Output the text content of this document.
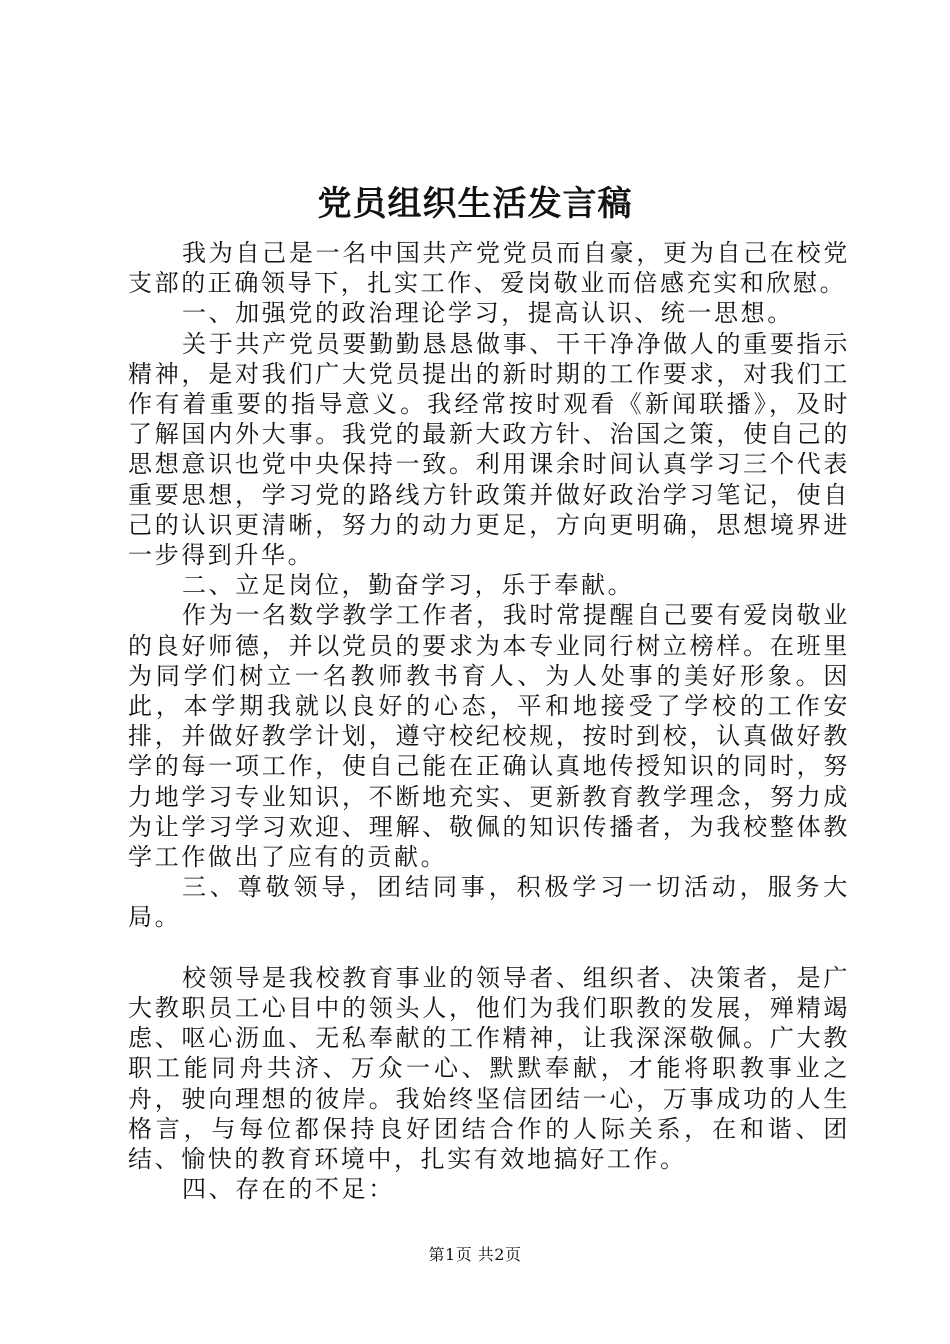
党员组织生活发言稿

我为自己是一名中国共产党党员而自豪，更为自己在校党支部的正确领导下，扎实工作、爱岗敬业而倍感充实和欣慰。

一、加强党的政治理论学习，提高认识、统一思想。

关于共产党员要勤勤恳恳做事、干干净净做人的重要指示精神，是对我们广大党员提出的新时期的工作要求，对我们工作有着重要的指导意义。我经常按时观看《新闻联播》，及时了解国内外大事。我党的最新大政方针、治国之策，使自己的思想意识也党中央保持一致。利用课余时间认真学习三个代表重要思想，学习党的路线方针政策并做好政治学习笔记，使自己的认识更清晰，努力的动力更足，方向更明确，思想境界进一步得到升华。

二、立足岗位，勤奋学习，乐于奉献。

作为一名数学教学工作者，我时常提醒自己要有爱岗敬业的良好师德，并以党员的要求为本专业同行树立榜样。在班里为同学们树立一名教师教书育人、为人处事的美好形象。因此，本学期我就以良好的心态，平和地接受了学校的工作安排，并做好教学计划，遵守校纪校规，按时到校，认真做好教学的每一项工作，使自己能在正确认真地传授知识的同时，努力地学习专业知识，不断地充实、更新教育教学理念，努力成为让学习学习欢迎、理解、敬佩的知识传播者，为我校整体教学工作做出了应有的贡献。

三、尊敬领导，团结同事，积极学习一切活动，服务大局。

校领导是我校教育事业的领导者、组织者、决策者，是广大教职员工心目中的领头人，他们为我们职教的发展，殚精竭虑、呕心沥血、无私奉献的工作精神，让我深深敬佩。广大教职工能同舟共济、万众一心、默默奉献，才能将职教事业之舟，驶向理想的彼岸。我始终坚信团结一心，万事成功的人生格言，与每位都保持良好团结合作的人际关系，在和谐、团结、愉快的教育环境中，扎实有效地搞好工作。

四、存在的不足：

第1页 共2页
